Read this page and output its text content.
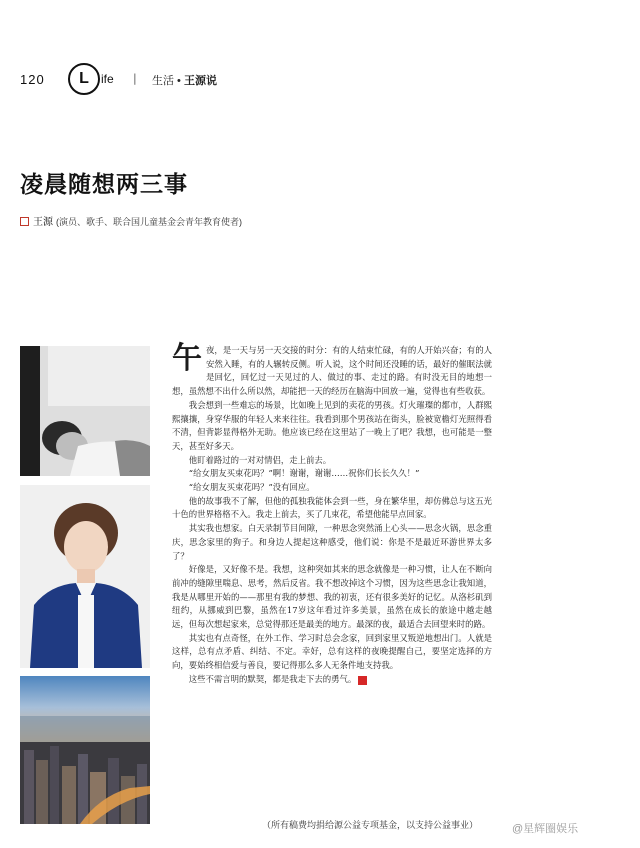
120	L	ife | 生活 • 王源说
凌晨随想两三事
王源 (演员、歌手、联合国儿童基金会青年教育使者)

午夜，是一天与另一天交接的时分：有的人结束忙碌，有的人开始兴奋；有的人安然入睡，有的人辗转反侧。听人说，这个时间还没睡的话，最好的催眠法就是回忆，回忆过一天见过的人、做过的事、走过的路。有时没无目的地想一想，虽然想不出什么所以然，却能把一天的经历在脑海中回放一遍，觉得也有些收获。

我会想到一些难忘的场景，比如晚上见到的卖花的男孩。灯火璀璨的都市，人群熙熙攘攘，身穿华服的年轻人来来往往。我看到那个男孩站在街头，脸被宽檐灯光照得看不清，但背影显得格外无助。他应该已经在这里站了一晚上了吧？我想，也可能是一整天，甚至好多天。

他盯着路过的一对对情侣，走上前去。

“给女朋友买束花吗？”啊！谢谢，谢谢……祝你们长长久久！”

“给女朋友买束花吗？”没有回应。

他的故事我不了解，但他的孤独我能体会到一些，身在繁华里，却仿佛总与这五光十色的世界格格不入。我走上前去，买了几束花，希望他能早点回家。

其实我也想家。白天录制节目间隙，一种思念突然涌上心头——思念火锅，思念重庆，思念家里的狗子。和身边人提起这种感受，他们说：你是不是最近环游世界太多了？

好像是，又好像不是。我想，这种突如其来的思念就像是一种习惯，让人在不断向前冲的缝隙里喘息、思考，然后反省。我不想改掉这个习惯，因为这些思念让我知道，我是从哪里开始的——那里有我的梦想、我的初衷，还有很多美好的记忆。从洛杉矶到纽约，从挪威到巴黎，虽然在17岁这年看过许多美景，虽然在成长的旅途中越走越远，但每次想起家来，总觉得那还是最美的地方。最深的夜，最适合去回望来时的路。

其实也有点奇怪，在外工作、学习时总会念家，回到家里又叛逆地想出门。人就是这样，总有点矛盾、纠结、不定。幸好，总有这样的夜晚提醒自己，要坚定选择的方向，要始终相信爱与善良，要记得那么多人无条件地支持我。

这些不需言明的默契，都是我走下去的勇气。	G

（所有稿费均捐给源公益专项基金，以支持公益事业）	@星辉圈娱乐
